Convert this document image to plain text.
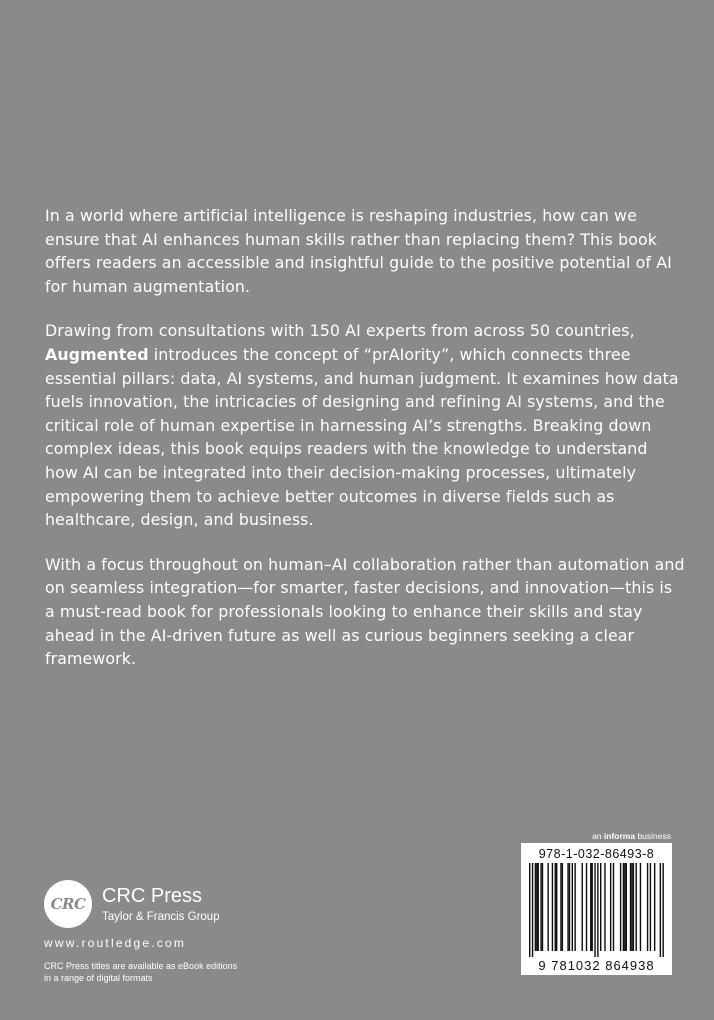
In a world where artificial intelligence is reshaping industries, how can we ensure that AI enhances human skills rather than replacing them? This book offers readers an accessible and insightful guide to the positive potential of AI for human augmentation.

Drawing from consultations with 150 AI experts from across 50 countries, Augmented introduces the concept of “prAIority”, which connects three essential pillars: data, AI systems, and human judgment. It examines how data fuels innovation, the intricacies of designing and refining AI systems, and the critical role of human expertise in harnessing AI’s strengths. Breaking down complex ideas, this book equips readers with the knowledge to understand how AI can be integrated into their decision-making processes, ultimately empowering them to achieve better outcomes in diverse fields such as healthcare, design, and business.

With a focus throughout on human–AI collaboration rather than automation and on seamless integration—for smarter, faster decisions, and innovation—this is a must-read book for professionals looking to enhance their skills and stay ahead in the AI-driven future as well as curious beginners seeking a clear framework.

CRC CRC Press
Taylor & Francis Group
www.routledge.com
CRC Press titles are available as eBook editions
in a range of digital formats
an informa business
978-1-032-86493-8
9 781032 864938
